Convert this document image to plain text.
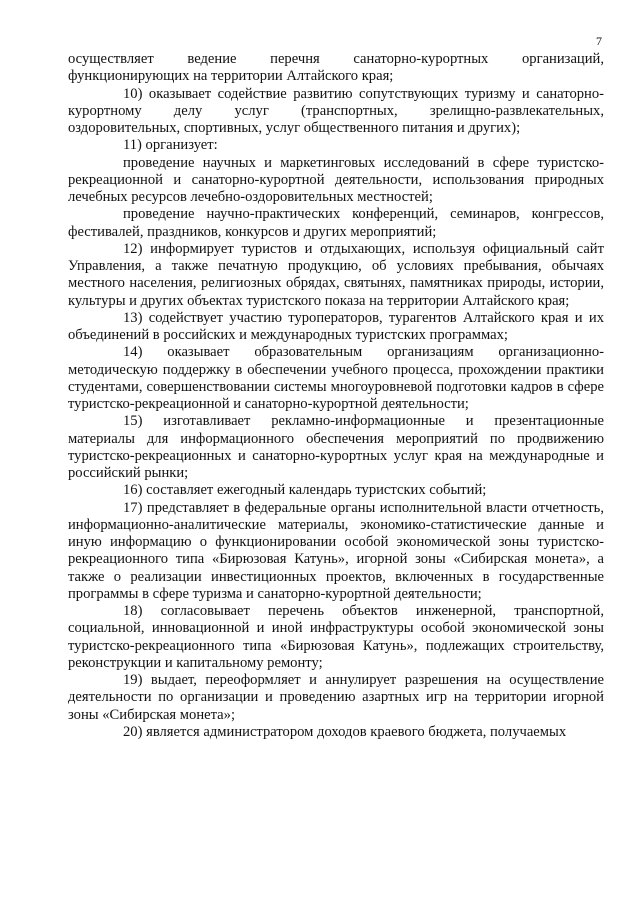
7

осуществляет ведение перечня санаторно-курортных организаций, функционирующих на территории Алтайского края;

10) оказывает содействие развитию сопутствующих туризму и санаторно-курортному делу услуг (транспортных, зрелищно-развлекательных, оздоровительных, спортивных, услуг общественного питания и других);

11) организует:

проведение научных и маркетинговых исследований в сфере туристско-рекреационной и санаторно-курортной деятельности, использования природных лечебных ресурсов лечебно-оздоровительных местностей;

проведение научно-практических конференций, семинаров, конгрессов, фестивалей, праздников, конкурсов и других мероприятий;

12) информирует туристов и отдыхающих, используя официальный сайт Управления, а также печатную продукцию, об условиях пребывания, обычаях местного населения, религиозных обрядах, святынях, памятниках природы, истории, культуры и других объектах туристского показа на территории Алтайского края;

13) содействует участию туроператоров, турагентов Алтайского края и их объединений в российских и международных туристских программах;

14) оказывает образовательным организациям организационно-методическую поддержку в обеспечении учебного процесса, прохождении практики студентами, совершенствовании системы многоуровневой подготовки кадров в сфере туристско-рекреационной и санаторно-курортной деятельности;

15) изготавливает рекламно-информационные и презентационные материалы для информационного обеспечения мероприятий по продвижению туристско-рекреационных и санаторно-курортных услуг края на международные и российский рынки;

16) составляет ежегодный календарь туристских событий;

17) представляет в федеральные органы исполнительной власти отчетность, информационно-аналитические материалы, экономико-статистические данные и иную информацию о функционировании особой экономической зоны туристско-рекреационного типа «Бирюзовая Катунь», игорной зоны «Сибирская монета», а также о реализации инвестиционных проектов, включенных в государственные программы в сфере туризма и санаторно-курортной деятельности;

18) согласовывает перечень объектов инженерной, транспортной, социальной, инновационной и иной инфраструктуры особой экономической зоны туристско-рекреационного типа «Бирюзовая Катунь», подлежащих строительству, реконструкции и капитальному ремонту;

19) выдает, переоформляет и аннулирует разрешения на осуществление деятельности по организации и проведению азартных игр на территории игорной зоны «Сибирская монета»;

20) является администратором доходов краевого бюджета, получаемых
